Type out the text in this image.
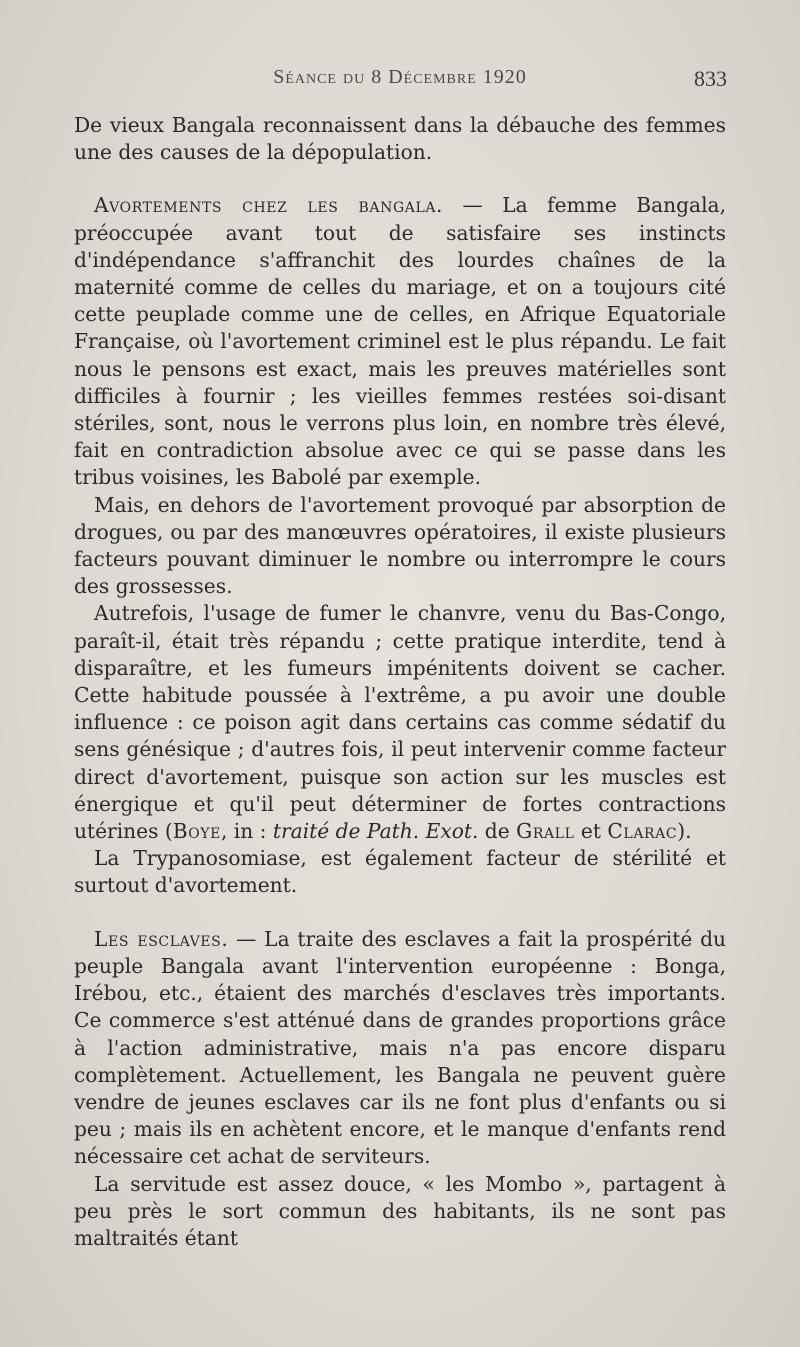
Séance du 8 Décembre 1920	833

De vieux Bangala reconnaissent dans la débauche des femmes une des causes de la dépopulation.

Avortements chez les bangala. — La femme Bangala, préoccupée avant tout de satisfaire ses instincts d'indépendance s'affranchit des lourdes chaînes de la maternité comme de celles du mariage, et on a toujours cité cette peuplade comme une de celles, en Afrique Equatoriale Française, où l'avortement criminel est le plus répandu. Le fait nous le pensons est exact, mais les preuves matérielles sont difficiles à fournir ; les vieilles femmes restées soi-disant stériles, sont, nous le verrons plus loin, en nombre très élevé, fait en contradiction absolue avec ce qui se passe dans les tribus voisines, les Babolé par exemple.

Mais, en dehors de l'avortement provoqué par absorption de drogues, ou par des manœuvres opératoires, il existe plusieurs facteurs pouvant diminuer le nombre ou interrompre le cours des grossesses.

Autrefois, l'usage de fumer le chanvre, venu du Bas-Congo, paraît-il, était très répandu ; cette pratique interdite, tend à disparaître, et les fumeurs impénitents doivent se cacher. Cette habitude poussée à l'extrême, a pu avoir une double influence : ce poison agit dans certains cas comme sédatif du sens génésique ; d'autres fois, il peut intervenir comme facteur direct d'avortement, puisque son action sur les muscles est énergique et qu'il peut déterminer de fortes contractions utérines (Boye, in : traité de Path. Exot. de Grall et Clarac).

La Trypanosomiase, est également facteur de stérilité et surtout d'avortement.

Les esclaves. — La traite des esclaves a fait la prospérité du peuple Bangala avant l'intervention européenne : Bonga, Irébou, etc., étaient des marchés d'esclaves très importants. Ce commerce s'est atténué dans de grandes proportions grâce à l'action administrative, mais n'a pas encore disparu complètement. Actuellement, les Bangala ne peuvent guère vendre de jeunes esclaves car ils ne font plus d'enfants ou si peu ; mais ils en achètent encore, et le manque d'enfants rend nécessaire cet achat de serviteurs.

La servitude est assez douce, « les Mombo », partagent à peu près le sort commun des habitants, ils ne sont pas maltraités étant
